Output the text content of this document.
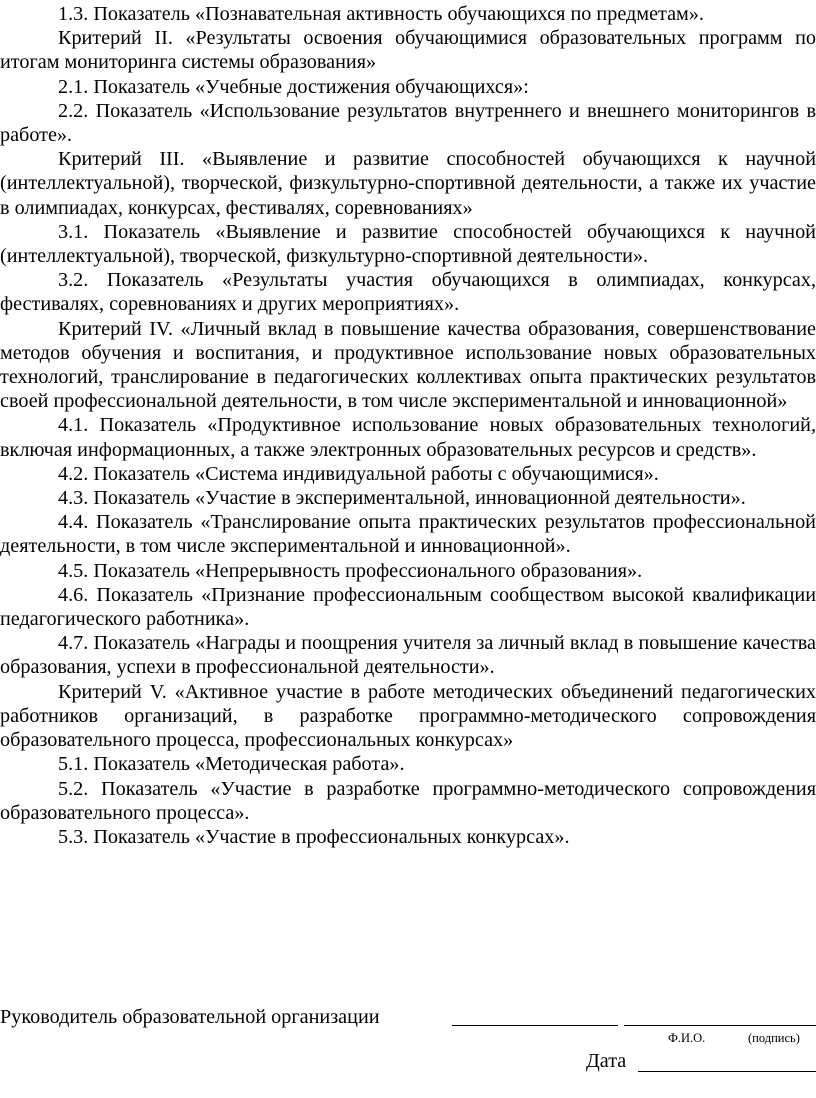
1.3. Показатель «Познавательная активность обучающихся по предметам».

Критерий II. «Результаты освоения обучающимися образовательных программ по итогам мониторинга системы образования»

2.1. Показатель «Учебные достижения обучающихся»:

2.2. Показатель «Использование результатов внутреннего и внешнего мониторингов в работе».

Критерий III. «Выявление и развитие способностей обучающихся к научной (интеллектуальной), творческой, физкультурно-спортивной деятельности, а также их участие в олимпиадах, конкурсах, фестивалях, соревнованиях»

3.1. Показатель «Выявление и развитие способностей обучающихся к научной (интеллектуальной), творческой, физкультурно-спортивной деятельности».

3.2. Показатель «Результаты участия обучающихся в олимпиадах, конкурсах, фестивалях, соревнованиях и других мероприятиях».

Критерий IV. «Личный вклад в повышение качества образования, совершенствование методов обучения и воспитания, и продуктивное использование новых образовательных технологий, транслирование в педагогических коллективах опыта практических результатов своей профессиональной деятельности, в том числе экспериментальной и инновационной»

4.1. Показатель «Продуктивное использование новых образовательных технологий, включая информационных, а также электронных образовательных ресурсов и средств».

4.2. Показатель «Система индивидуальной работы с обучающимися».

4.3. Показатель «Участие в экспериментальной, инновационной деятельности».

4.4. Показатель «Транслирование опыта практических результатов профессиональной деятельности, в том числе экспериментальной и инновационной».

4.5. Показатель «Непрерывность профессионального образования».

4.6. Показатель «Признание профессиональным сообществом высокой квалификации педагогического работника».

4.7. Показатель «Награды и поощрения учителя за личный вклад в повышение качества образования, успехи в профессиональной деятельности».

Критерий V. «Активное участие в работе методических объединений педагогических работников организаций, в разработке программно-методического сопровождения образовательного процесса, профессиональных конкурсах»

5.1. Показатель «Методическая работа».

5.2. Показатель «Участие в разработке программно-методического сопровождения образовательного процесса».

5.3. Показатель «Участие в профессиональных конкурсах».

Руководитель образовательной организации
Ф.И.О.	(подпись)
Дата
